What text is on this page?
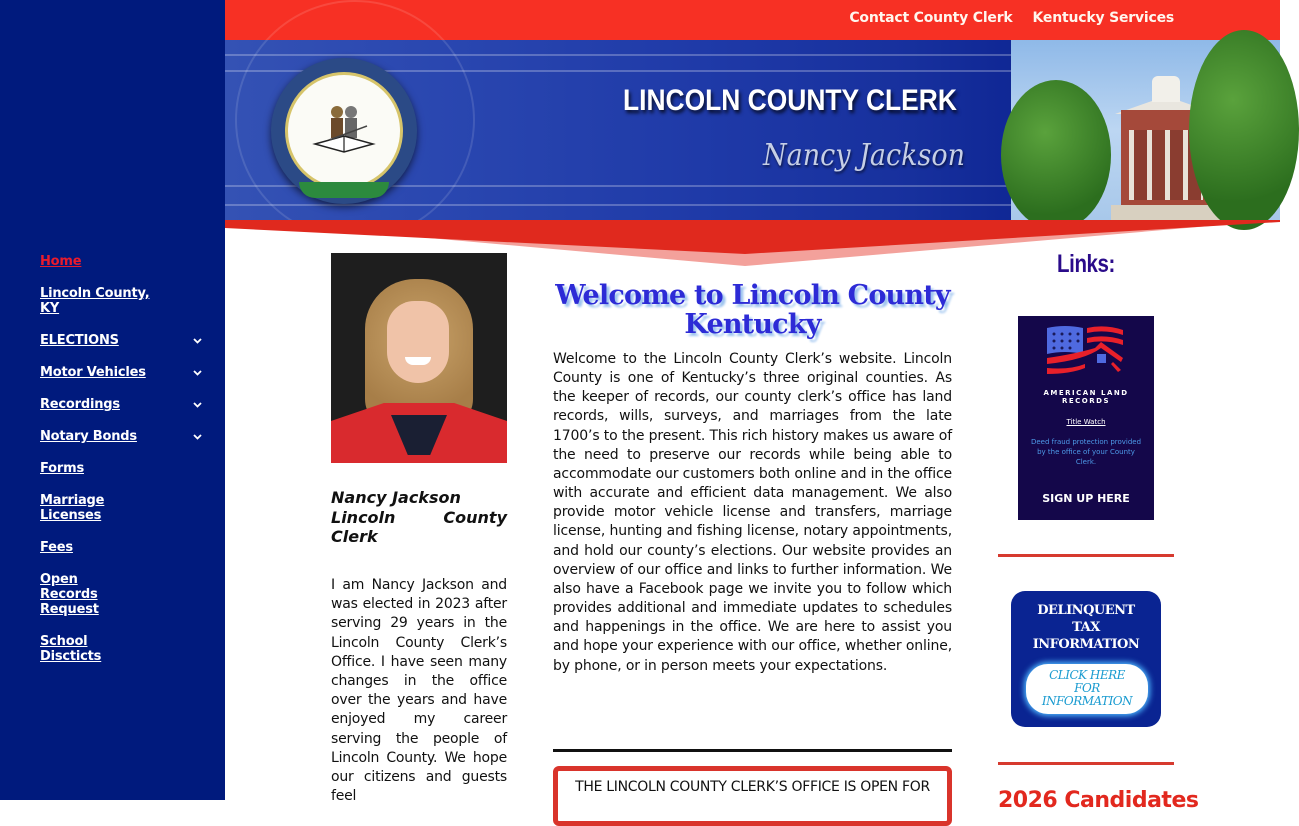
Home
Lincoln County, KY
ELECTIONS
Motor Vehicles
Recordings
Notary Bonds
Forms
Marriage Licenses
Fees
Open Records Request
School Discticts
Contact County Clerk Kentucky Services
LINCOLN COUNTY CLERK
Nancy Jackson
Nancy Jackson
Lincoln	County
Clerk

I am Nancy Jackson and was elected in 2023 after serving 29 years in the Lincoln County Clerk’s Office. I have seen many changes in the office over the years and have enjoyed my career serving the people of Lincoln County. We hope our citizens and guests feel

Welcome to Lincoln County Kentucky

Welcome to the Lincoln County Clerk’s website. Lincoln County is one of Kentucky’s three original counties. As the keeper of records, our county clerk’s office has land records, wills, surveys, and marriages from the late 1700’s to the present. This rich history makes us aware of the need to preserve our records while being able to accommodate our customers both online and in the office with accurate and efficient data management. We also provide motor vehicle license and transfers, marriage license, hunting and fishing license, notary appointments, and hold our county’s elections. Our website provides an overview of our office and links to further information. We also have a Facebook page we invite you to follow which provides additional and immediate updates to schedules and happenings in the office. We are here to assist you and hope your experience with our office, whether online, by phone, or in person meets your expectations.

THE LINCOLN COUNTY CLERK’S OFFICE IS OPEN FOR
Links:
AMERICAN LAND RECORDS
Title Watch
Deed fraud protection provided by the office of your County Clerk.
SIGN UP HERE
DELINQUENT
TAX
INFORMATION
CLICK HERE
FOR
INFORMATION
2026 Candidates
